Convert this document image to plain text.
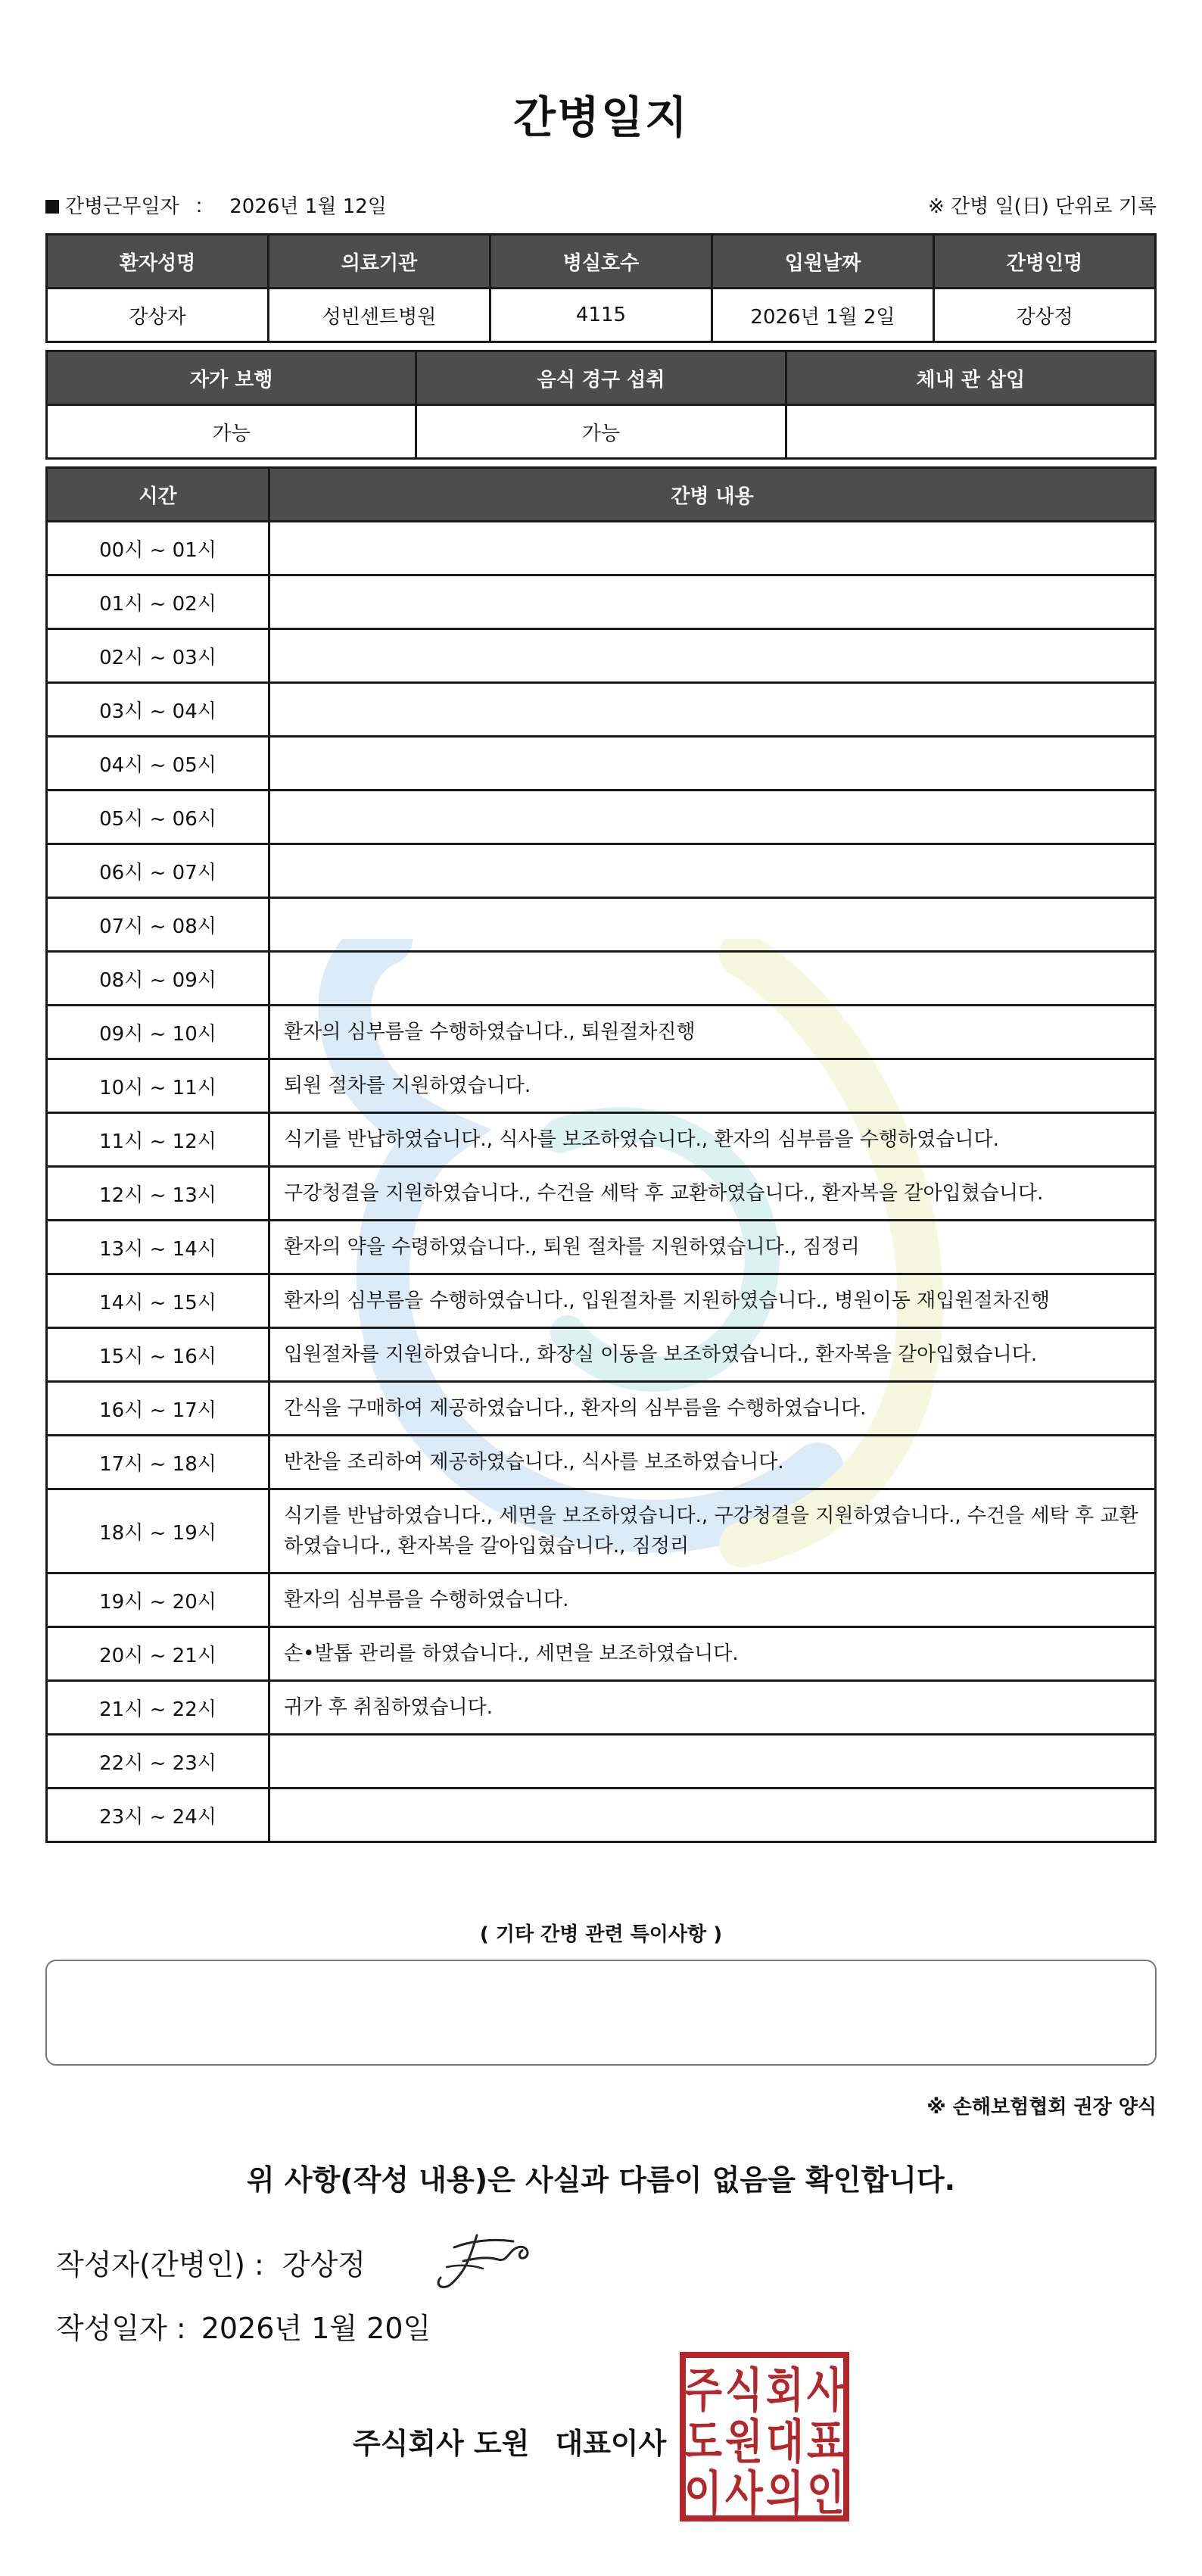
간병일지
간병근무일자 ： 2026년 1월 12일	※ 간병 일(日) 단위로 기록
환자성명	의료기관	병실호수	입원날짜	간병인명
강상자	성빈센트병원	4115	2026년 1월 2일	강상정
자가 보행	음식 경구 섭취	체내 관 삽입
가능	가능	
시간	간병 내용
00시 ~ 01시	
01시 ~ 02시	
02시 ~ 03시	
03시 ~ 04시	
04시 ~ 05시	
05시 ~ 06시	
06시 ~ 07시	
07시 ~ 08시	
08시 ~ 09시	
09시 ~ 10시	환자의 심부름을 수행하였습니다., 퇴원절차진행
10시 ~ 11시	퇴원 절차를 지원하였습니다.
11시 ~ 12시	식기를 반납하였습니다., 식사를 보조하였습니다., 환자의 심부름을 수행하였습니다.
12시 ~ 13시	구강청결을 지원하였습니다., 수건을 세탁 후 교환하였습니다., 환자복을 갈아입혔습니다.
13시 ~ 14시	환자의 약을 수령하였습니다., 퇴원 절차를 지원하였습니다., 짐정리
14시 ~ 15시	환자의 심부름을 수행하였습니다., 입원절차를 지원하였습니다., 병원이동 재입원절차진행
15시 ~ 16시	입원절차를 지원하였습니다., 화장실 이동을 보조하였습니다., 환자복을 갈아입혔습니다.
16시 ~ 17시	간식을 구매하여 제공하였습니다., 환자의 심부름을 수행하였습니다.
17시 ~ 18시	반찬을 조리하여 제공하였습니다., 식사를 보조하였습니다.
18시 ~ 19시	식기를 반납하였습니다., 세면을 보조하였습니다., 구강청결을 지원하였습니다., 수건을 세탁 후 교환하였습니다., 환자복을 갈아입혔습니다., 짐정리
19시 ~ 20시	환자의 심부름을 수행하였습니다.
20시 ~ 21시	손•발톱 관리를 하였습니다., 세면을 보조하였습니다.
21시 ~ 22시	귀가 후 취침하였습니다.
22시 ~ 23시	
23시 ~ 24시	
( 기타 간병 관련 특이사항 )
※ 손해보험협회 권장 양식
위 사항(작성 내용)은 사실과 다름이 없음을 확인합니다.
작성자(간병인) : 강상정
작성일자 : 2026년 1월 20일
주식회사 도원 대표이사
주 식 회 사
도 원 대 표
이 사 의 인
